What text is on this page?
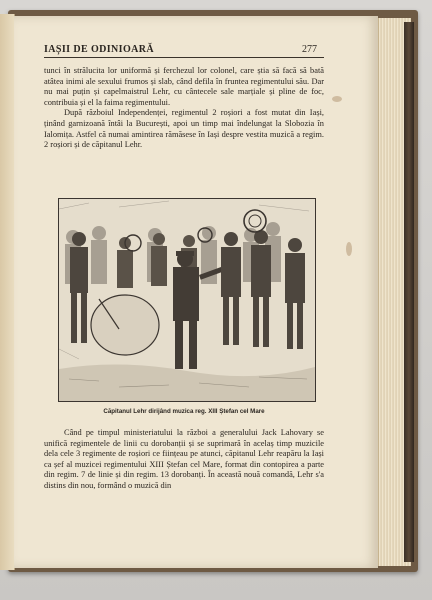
IAȘII DE ODINIOARĂ	277

tunci în strălucita lor uniformă și ferchezul lor colonel, care știa să facă să bată atâtea inimi ale sexului frumos și slab, când defila în fruntea regimentului său. Dar nu mai puțin și capelmaistrul Lehr, cu cântecele sale marțiale și pline de foc, contribuia și el la faima regimentului.

După războiul Independenței, regimentul 2 roșiori a fost mutat din Iași, ținând garnizoană întâi la București, apoi un timp mai îndelungat la Slobozia în Ialomița. Astfel că numai amintirea rămăsese în Iași despre vestita muzică a regim. 2 roșiori și de căpitanul Lehr.

Căpitanul Lehr dirijând muzica reg. XIII Ștefan cel Mare

Când pe timpul ministeriatului la război a generalului Jack Lahovary se unifică regimentele de linii cu dorobanții și se suprimară în acelaș timp muzicile dela cele 3 regimente de roșiori ce ființeau pe atunci, căpitanul Lehr reapăru la Iași ca șef al muzicei regimentului XIII Ștefan cel Mare, format din contopirea a parte din regim. 7 de linie și din regim. 13 dorobanți. În această nouă comandă, Lehr s'a distins din nou, formând o muzică din
